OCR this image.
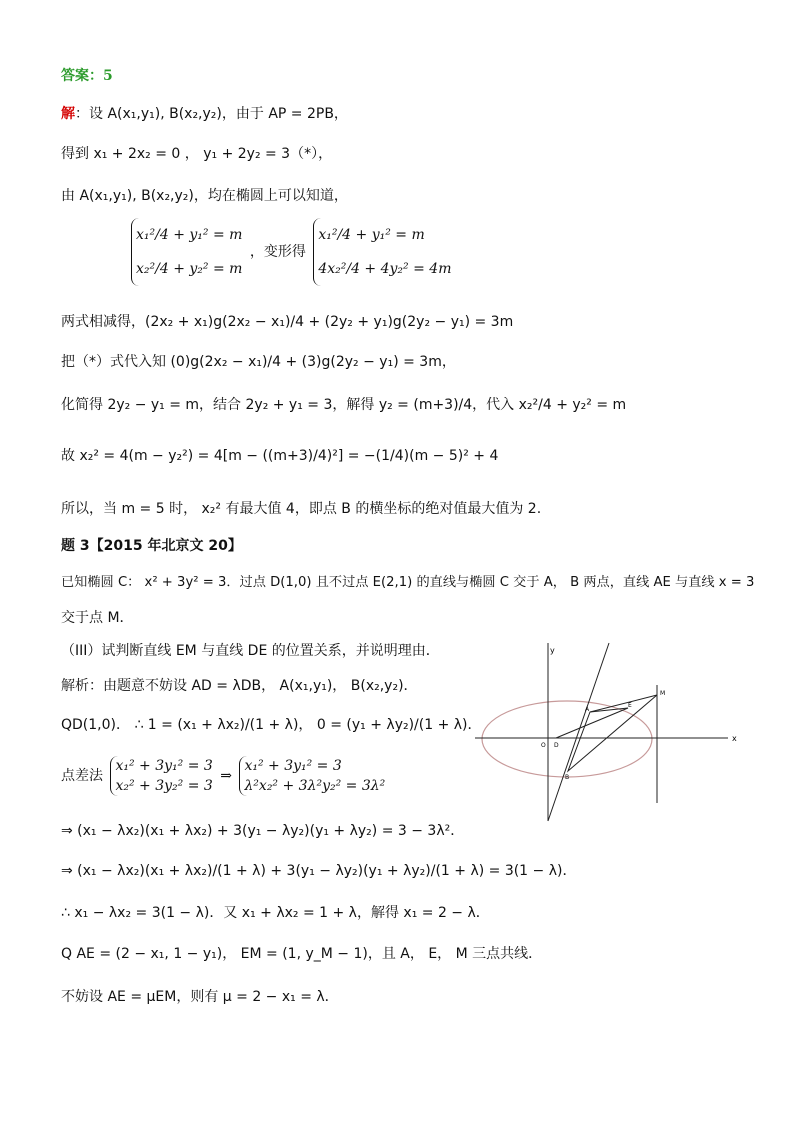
答案：5
解：设 A(x₁,y₁), B(x₂,y₂)，由于 AP = 2PB，
得到 x₁ + 2x₂ = 0 ， y₁ + 2y₂ = 3（*），
由 A(x₁,y₁), B(x₂,y₂)，均在椭圆上可以知道，
x₁²/4 + y₁² = m
x₂²/4 + y₂² = m
，变形得
x₁²/4 + y₁² = m
4x₂²/4 + 4y₂² = 4m
两式相减得，(2x₂ + x₁)g(2x₂ − x₁)/4 + (2y₂ + y₁)g(2y₂ − y₁) = 3m
把（*）式代入知 (0)g(2x₂ − x₁)/4 + (3)g(2y₂ − y₁) = 3m，
化简得 2y₂ − y₁ = m，结合 2y₂ + y₁ = 3，解得 y₂ = (m+3)/4，代入 x₂²/4 + y₂² = m
故 x₂² = 4(m − y₂²) = 4[m − ((m+3)/4)²] = −(1/4)(m − 5)² + 4
所以，当 m = 5 时， x₂² 有最大值 4，即点 B 的横坐标的绝对值最大值为 2.
题 3【2015 年北京文 20】
已知椭圆 C： x² + 3y² = 3．过点 D(1,0) 且不过点 E(2,1) 的直线与椭圆 C 交于 A， B 两点，直线 AE 与直线 x = 3
交于点 M．
（III）试判断直线 EM 与直线 DE 的位置关系，并说明理由．
解析：由题意不妨设 AD = λDB， A(x₁,y₁)， B(x₂,y₂)．
QD(1,0)． ∴ 1 = (x₁ + λx₂)/(1 + λ)， 0 = (y₁ + λy₂)/(1 + λ)．
点差法
x₁² + 3y₁² = 3
x₂² + 3y₂² = 3
⇒
x₁² + 3y₁² = 3
λ²x₂² + 3λ²y₂² = 3λ²
⇒ (x₁ − λx₂)(x₁ + λx₂) + 3(y₁ − λy₂)(y₁ + λy₂) = 3 − 3λ²．
⇒ (x₁ − λx₂)(x₁ + λx₂)/(1 + λ) + 3(y₁ − λy₂)(y₁ + λy₂)/(1 + λ) = 3(1 − λ)．
∴ x₁ − λx₂ = 3(1 − λ)．又 x₁ + λx₂ = 1 + λ，解得 x₁ = 2 − λ．
Q AE = (2 − x₁, 1 − y₁)， EM = (1, y_M − 1)，且 A， E， M 三点共线．
不妨设 AE = μEM，则有 μ = 2 − x₁ = λ．
x
y
O D
A
B
E
M
